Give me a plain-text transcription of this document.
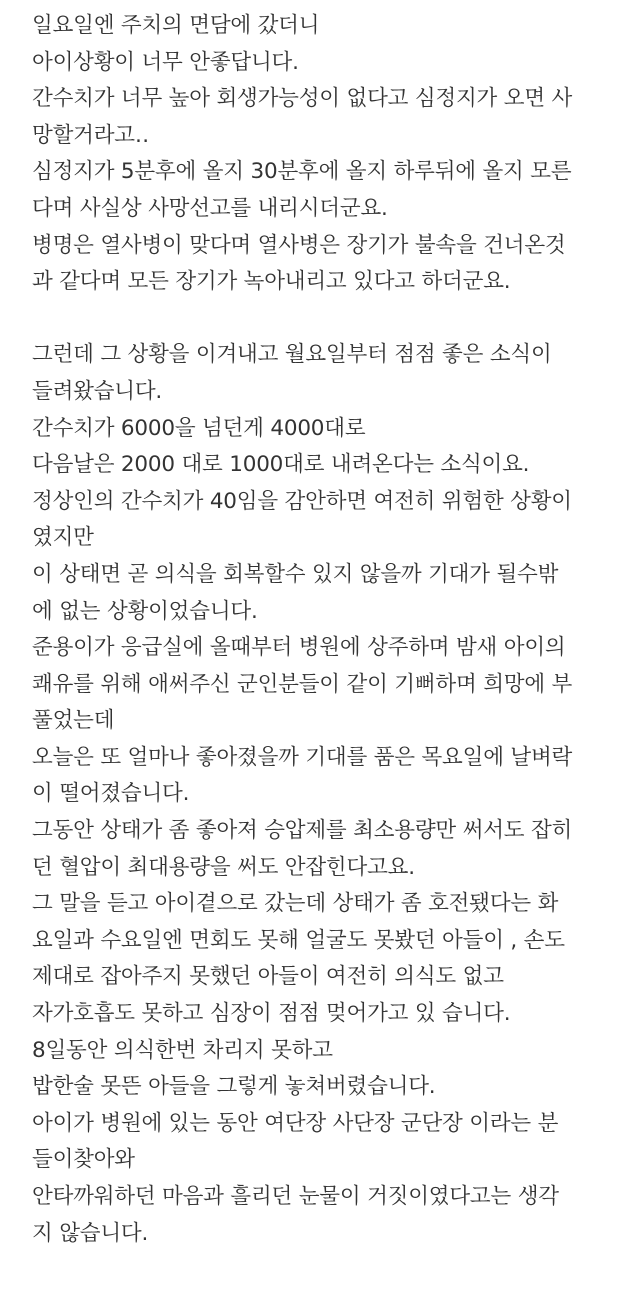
일요일엔 주치의 면담에 갔더니
아이상황이 너무 안좋답니다.
간수치가 너무 높아 회생가능성이 없다고 심정지가 오면 사
망할거라고‥
심정지가 5분후에 올지 30분후에 올지 하루뒤에 올지 모른
다며 사실상 사망선고를 내리시더군요.
병명은 열사병이 맞다며 열사병은 장기가 불속을 건너온것
과 같다며 모든 장기가 녹아내리고 있다고 하더군요.
그런데 그 상황을 이겨내고 월요일부터 점점 좋은 소식이
들려왔습니다.
간수치가 6000을 넘던게 4000대로
다음날은 2000 대로 1000대로 내려온다는 소식이요.
정상인의 간수치가 40임을 감안하면 여전히 위험한 상황이
였지만
이 상태면 곧 의식을 회복할수 있지 않을까 기대가 될수밖
에 없는 상황이었습니다.
준용이가 응급실에 올때부터 병원에 상주하며 밤새 아이의
쾌유를 위해 애써주신 군인분들이 같이 기뻐하며 희망에 부
풀었는데
오늘은 또 얼마나 좋아졌을까 기대를 품은 목요일에 날벼락
이 떨어졌습니다.
그동안 상태가 좀 좋아져 승압제를 최소용량만 써서도 잡히
던 혈압이 최대용량을 써도 안잡힌다고요.
그 말을 듣고 아이곁으로 갔는데 상태가 좀 호전됐다는 화
요일과 수요일엔 면회도 못해 얼굴도 못봤던 아들이 , 손도
제대로 잡아주지 못했던 아들이 여전히 의식도 없고
자가호흡도 못하고 심장이 점점 멎어가고 있 습니다.
8일동안 의식한번 차리지 못하고
밥한술 못뜬 아들을 그렇게 놓쳐버렸습니다.
아이가 병원에 있는 동안 여단장 사단장 군단장 이라는 분
들이찾아와
안타까워하던 마음과 흘리던 눈물이 거짓이였다고는 생각
지 않습니다.
